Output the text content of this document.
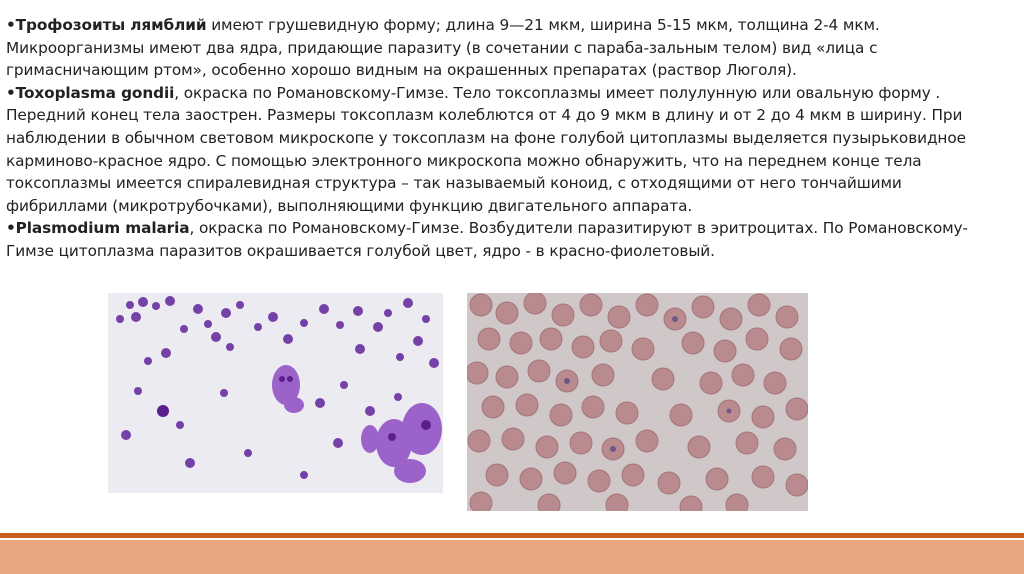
•Трофозоиты лямблий имеют грушевидную форму; длина 9—21 мкм, ширина 5-15 мкм, толщина 2-4 мкм.
Микроорганизмы имеют два ядра, придающие паразиту (в сочетании с параба-зальным телом) вид «лица с
гримасничающим ртом», особенно хорошо видным на окрашенных препаратах (раствор Люголя).

•Toxoplasma gondii, окраска по Романовскому-Гимзе. Тело токсоплазмы имеет полулунную или овальную форму .
Передний конец тела заострен. Размеры токсоплазм колеблются от 4 до 9 мкм в длину и от 2 до 4 мкм в ширину. При
наблюдении в обычном световом микроскопе у токсоплазм на фоне голубой цитоплазмы выделяется пузырьковидное
карминово-красное ядро. С помощью электронного микроскопа можно обнаружить, что на переднем конце тела
токсоплазмы имеется спиралевидная структура – так называемый коноид, с отходящими от него тончайшими
фибриллами (микротрубочками), выполняющими функцию двигательного аппарата.

•Plasmodium malaria, окраска по Романовскому-Гимзе. Возбудители паразитируют в эритроцитах. По Романовскому-
Гимзе цитоплазма паразитов окрашивается голубой цвет, ядро - в красно-фиолетовый.
